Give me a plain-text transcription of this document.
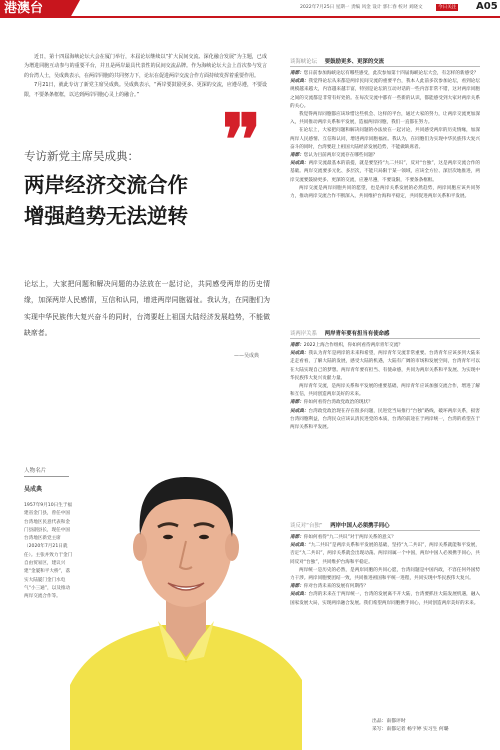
港澳台	2022年7月25日 星期一 责编 风金 设计 郭仁春 校对 刘晓文	今日关注 A05

近日，第十四届海峡论坛大会在厦门举行，本届论坛继续以“扩大民间交流、深化融合发展”为主题，已成为增进同胞互动参与的重要平台，并且是两岸最具代表性的民间交流品牌。作为海峡论坛大会上首次参与发言的台湾人士，吴成典表示，在两岸同胞的共同努力下，论坛在促进两岸交流合作方面持续发挥着重要作用。

7月21日，就此专访了新党主席吴成典。吴成典表示，“两岸要鼓励更多、更深的交流，应遵尽遵，不要设限，不要条条框框，以达到两岸同胞心灵上的融合。”

❜❜
专访新党主席吴成典：
两岸经济交流合作
增强趋势无法逆转
论坛上，大家把问题和解决问题的办法放在一起讨论，共同感受两岸的历史情缘，加深两岸人民感情，互信和认同，增进两岸同胞福祉。我认为，在同胞们为实现中华民族伟大复兴奋斗的同时，台湾要赶上祖国大陆经济发展趋势，不能做缺席者。
——吴成典
人物名片
吴成典
1957年9月10日生于福建省金门县，曾任中国台湾地区民意代表和金门县副县长，现任中国台湾地区新党主席（2020年7月21日就任）。主张并致力于金门自由贸易区，建议兴建“金厦和平大桥”，落实大陆厦门金门水电气“小三通”，以及推动两岸交流合作等。
谈海峡论坛 要鼓励更多、更深的交流

南都：您日前参加海峡论坛有哪些感受，此次参加第十四届海峡论坛大会，有怎样的新感受？

吴成典：我觉得论坛从来都是两岸民间交流的重要平台，我本人此前多次参加论坛，看到论坛规模越来越大，内容越来越丰富，特别是论坛的互动对话的一些内容非常不错，这对两岸同胞之间的交流都是非常有好处的。在每次交流中都有一些新的认识，都能感受到大家对两岸关系的关心。

我觉得两岸同胞都应该珍惜这些机会、这样的平台，通过大家的努力，让两岸交流更加深入，共同推动两岸关系和平发展，造福两岸同胞，我们一直都在努力。

在论坛上，大家把问题和解决问题的办法放在一起讨论，共同感受两岸的历史情缘，加深两岸人民感情、互信和认同，增进两岸同胞福祉。我认为，在同胞们为实现中华民族伟大复兴奋斗的同时，台湾要赶上祖国大陆经济发展趋势，不能做缺席者。

南都：您认为目前两岸交流存在哪些问题？

吴成典：两岸交流最基本的前提，就是要坚持“九二共识”，反对“台独”，这是两岸交流合作的基础。两岸交流要多元化、多层次，不能只局限于某一领域，应该全方位、深层次地推进，两岸交流要鼓励更多、更深的交流，应遵尽遵，不要设限，不要条条框框。

两岸交流是两岸同胞共同的愿望，也是两岸关系发展的必然趋势，两岸同胞应该共同努力，推动两岸交流合作不断深入，共同维护台海和平稳定，共同促进两岸关系和平发展。

谈两岸关系 两岸青年要有担当有使命感

南都：2022上海合作组织，你如何看待两岸青年交流？

吴成典：我认为青年是两岸的未来和希望，两岸青年交流非常重要。台湾青年应该多到大陆来走走看看，了解大陆的发展，感受大陆的机遇，大陆有广阔的市场和发展空间，台湾青年可以在大陆实现自己的梦想。两岸青年要有担当、有使命感，共同为两岸关系和平发展、为实现中华民族伟大复兴贡献力量。

两岸青年交流，是两岸关系和平发展的重要基础，两岸青年应该加强交流合作，增进了解和互信，共同创造两岸美好的未来。

南都：你如何看待台湾政党政治的现状？

吴成典：台湾政党政治现在存在很多问题，民进党当局推行“台独”路线，破坏两岸关系，损害台湾同胞利益，台湾民众应该认清民进党的本质，台湾的前途在于两岸统一，台湾的希望在于两岸关系和平发展。

谈反对“台独” 两岸中国人必须携手同心

南都：你如何看待“九二共识”对于两岸关系的意义？

吴成典：“九二共识”是两岸关系和平发展的基础，坚持“九二共识”，两岸关系就能和平发展，否定“九二共识”，两岸关系就会出现动荡。两岸同属一个中国，两岸中国人必须携手同心，共同反对“台独”，共同维护台海和平稳定。

两岸统一是历史的必然，是两岸同胞的共同心愿，台湾问题是中国内政，不容任何外国势力干涉。两岸同胞要团结一致，共同推进祖国和平统一进程，共同实现中华民族伟大复兴。

南都：你对台湾未来的发展有何期待？

吴成典：台湾的未来在于两岸统一，台湾的发展离不开大陆，台湾要抓住大陆发展机遇，融入国家发展大局，实现两岸融合发展。我们希望两岸同胞携手同心，共同创造两岸美好的未来。

出品：南都评时
采写：南都记者 杨宇婷 实习生 何璐
